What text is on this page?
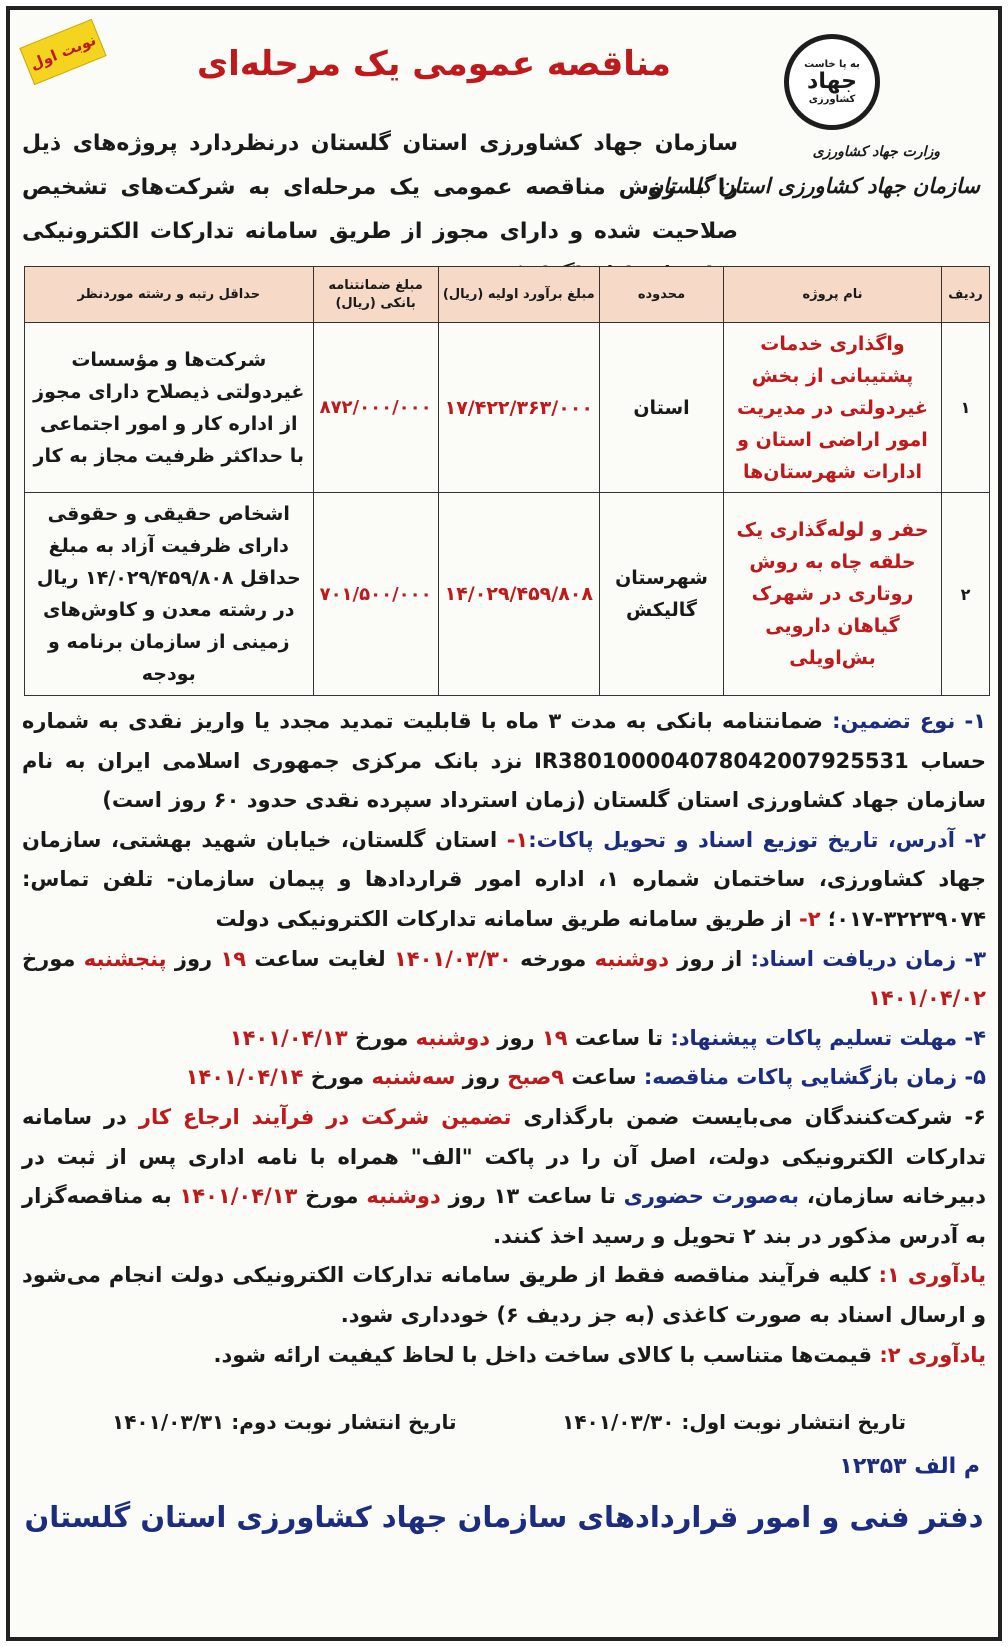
نوبت اول	به پا خاست
جهاد
کشاورزی
وزارت جهاد کشاورزی
سازمان جهاد کشاورزی استان گلستان
مناقصه عمومی یک مرحله‌ای
سازمان جهاد کشاورزی استان گلستان درنظردارد پروژه‌های ذیل را با روش مناقصه عمومی یک مرحله‌ای به شرکت‌های تشخیص صلاحیت شده و دارای مجوز از طریق سامانه تدارکات الکترونیکی
ردیف	نام پروژه	محدوده	مبلغ برآورد اولیه (ریال)	مبلغ ضمانتنامه بانکی (ریال)	حداقل رتبه و رشته موردنظر
۱	واگذاری خدمات پشتیبانی از بخش غیردولتی در مدیریت امور اراضی استان و ادارات شهرستان‌ها	استان	۱۷/۴۲۲/۳۶۳/۰۰۰	۸۷۲/۰۰۰/۰۰۰	شرکت‌ها و مؤسسات غیردولتی ذیصلاح دارای مجوز از اداره کار و امور اجتماعی با حداکثر ظرفیت مجاز به کار
۲	حفر و لوله‌گذاری یک حلقه چاه به روش روتاری در شهرک گیاهان دارویی بش‌اویلی	شهرستان گالیکش	۱۴/۰۲۹/۴۵۹/۸۰۸	۷۰۱/۵۰۰/۰۰۰	اشخاص حقیقی و حقوقی دارای ظرفیت آزاد به مبلغ حداقل ۱۴/۰۲۹/۴۵۹/۸۰۸ ریال در رشته معدن و کاوش‌های زمینی از سازمان برنامه و بودجه

۱- نوع تضمین: ضمانتنامه بانکی به مدت ۳ ماه با قابلیت تمدید مجدد یا واریز نقدی به شماره حساب IR380100004078042007925531 نزد بانک مرکزی جمهوری اسلامی ایران به نام سازمان جهاد کشاورزی استان گلستان (زمان استرداد سپرده نقدی حدود ۶۰ روز است)

۲- آدرس، تاریخ توزیع اسناد و تحویل پاکات:۱- استان گلستان، خیابان شهید بهشتی، سازمان جهاد کشاورزی، ساختمان شماره ۱، اداره امور قراردادها و پیمان سازمان- تلفن تماس: ۳۲۲۳۹۰۷۴-۰۱۷؛ ۲- از طریق سامانه طریق سامانه تدارکات الکترونیکی دولت

۳- زمان دریافت اسناد: از روز دوشنبه مورخه ۱۴۰۱/۰۳/۳۰ لغایت ساعت ۱۹ روز پنجشنبه مورخ ۱۴۰۱/۰۴/۰۲

۴- مهلت تسلیم پاکات پیشنهاد: تا ساعت ۱۹ روز دوشنبه مورخ ۱۴۰۱/۰۴/۱۳

۵- زمان بازگشایی پاکات مناقصه: ساعت ۹صبح روز سه‌شنبه مورخ ۱۴۰۱/۰۴/۱۴

۶- شرکت‌کنندگان می‌بایست ضمن بارگذاری تضمین شرکت در فرآیند ارجاع کار در سامانه تدارکات الکترونیکی دولت، اصل آن را در پاکت "الف" همراه با نامه اداری پس از ثبت در دبیرخانه سازمان، به‌صورت حضوری تا ساعت ۱۳ روز دوشنبه مورخ ۱۴۰۱/۰۴/۱۳ به مناقصه‌گزار به آدرس مذکور در بند ۲ تحویل و رسید اخذ کنند.

یادآوری ۱: کلیه فرآیند مناقصه فقط از طریق سامانه تدارکات الکترونیکی دولت انجام می‌شود و ارسال اسناد به صورت کاغذی (به جز ردیف ۶) خودداری شود.

یادآوری ۲: قیمت‌ها متناسب با کالای ساخت داخل با لحاظ کیفیت ارائه شود.

تاریخ انتشار نوبت اول: ۱۴۰۱/۰۳/۳۰
تاریخ انتشار نوبت دوم: ۱۴۰۱/۰۳/۳۱
م الف ۱۲۳۵۳
دفتر فنی و امور قراردادهای سازمان جهاد کشاورزی استان گلستان
